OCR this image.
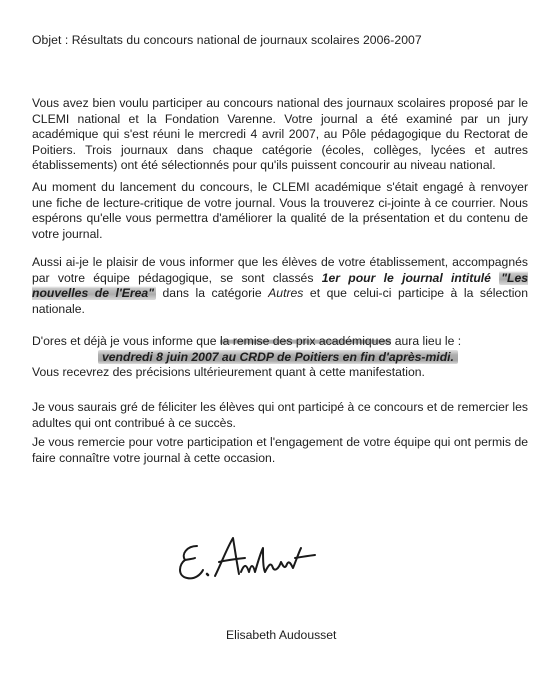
Objet : Résultats du concours national de journaux scolaires 2006-2007

Vous avez bien voulu participer au concours national des journaux scolaires proposé par le CLEMI national et la Fondation Varenne. Votre journal a été examiné par un jury académique qui s'est réuni le mercredi 4 avril 2007, au Pôle pédagogique du Rectorat de Poitiers. Trois journaux dans chaque catégorie (écoles, collèges, lycées et autres établissements) ont été sélectionnés pour qu'ils puissent concourir au niveau national.

Au moment du lancement du concours, le CLEMI académique s'était engagé à renvoyer une fiche de lecture-critique de votre journal. Vous la trouverez ci-jointe à ce courrier. Nous espérons qu'elle vous permettra d'améliorer la qualité de la présentation et du contenu de votre journal.

Aussi ai-je le plaisir de vous informer que les élèves de votre établissement, accompagnés par votre équipe pédagogique, se sont classés 1er pour le journal intitulé "Les nouvelles de l'Erea" dans la catégorie Autres et que celui-ci participe à la sélection nationale.

D'ores et déjà je vous informe que la remise des prix académiques aura lieu le :
vendredi 8 juin 2007 au CRDP de Poitiers en fin d'après-midi.
Vous recevrez des précisions ultérieurement quant à cette manifestation.

Je vous saurais gré de féliciter les élèves qui ont participé à ce concours et de remercier les adultes qui ont contribué à ce succès.

Je vous remercie pour votre participation et l'engagement de votre équipe qui ont permis de faire connaître votre journal à cette occasion.

Elisabeth Audousset
